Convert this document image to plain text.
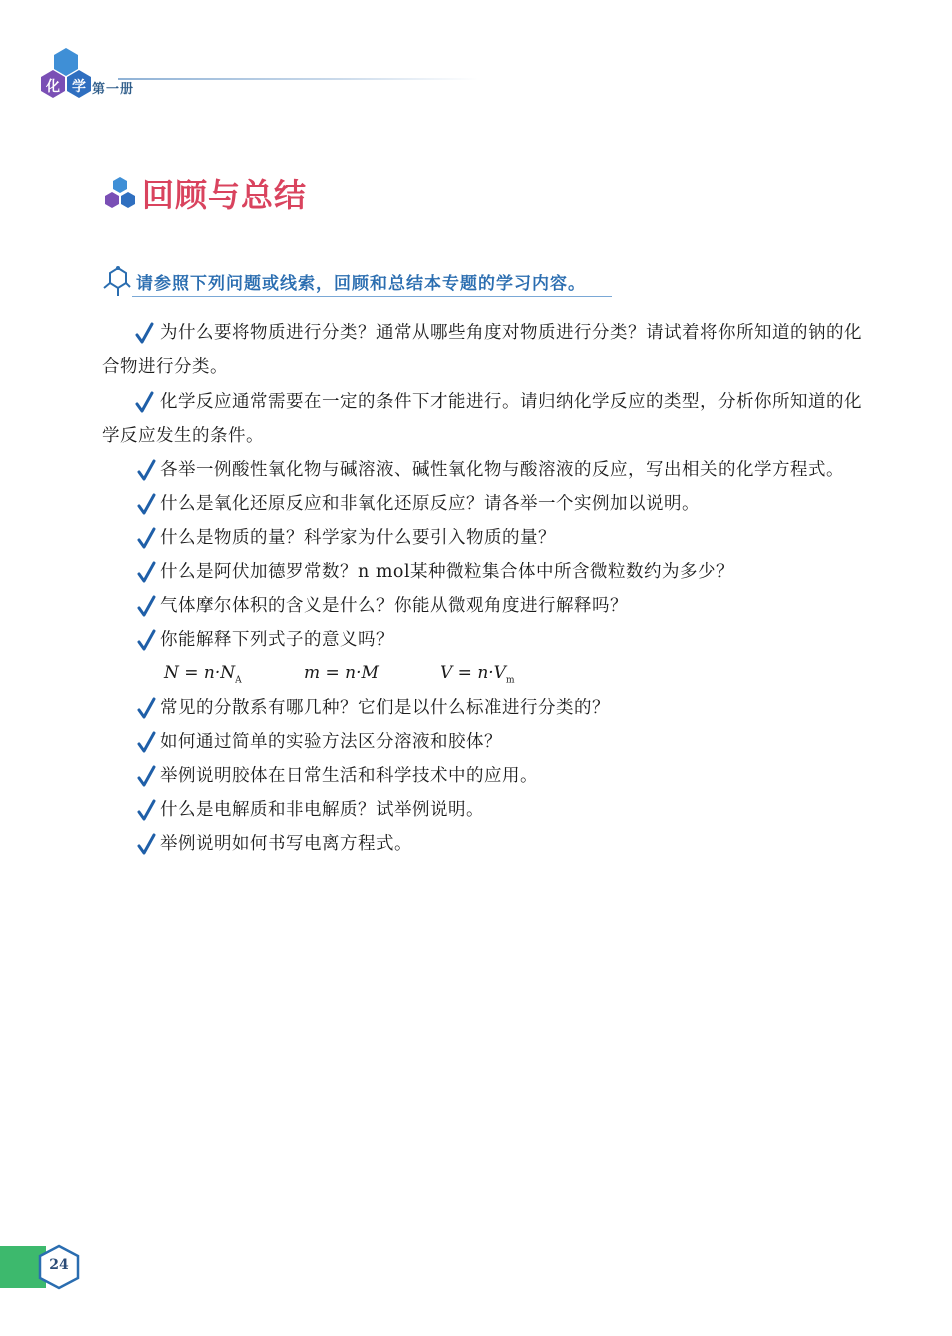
化 学 第一册
回顾与总结
请参照下列问题或线索，回顾和总结本专题的学习内容。
为什么要将物质进行分类？通常从哪些角度对物质进行分类？请试着将你所知道的钠的化合物进行分类。
化学反应通常需要在一定的条件下才能进行。请归纳化学反应的类型，分析你所知道的化学反应发生的条件。
各举一例酸性氧化物与碱溶液、碱性氧化物与酸溶液的反应，写出相关的化学方程式。
什么是氧化还原反应和非氧化还原反应？请各举一个实例加以说明。
什么是物质的量？科学家为什么要引入物质的量？
什么是阿伏加德罗常数？n mol某种微粒集合体中所含微粒数约为多少？
气体摩尔体积的含义是什么？你能从微观角度进行解释吗？
你能解释下列式子的意义吗？
$N = n\cdot N_A$	m = n·M	$V = n\cdot V_m$
常见的分散系有哪几种？它们是以什么标准进行分类的？
如何通过简单的实验方法区分溶液和胶体？
举例说明胶体在日常生活和科学技术中的应用。
什么是电解质和非电解质？试举例说明。
举例说明如何书写电离方程式。
24
